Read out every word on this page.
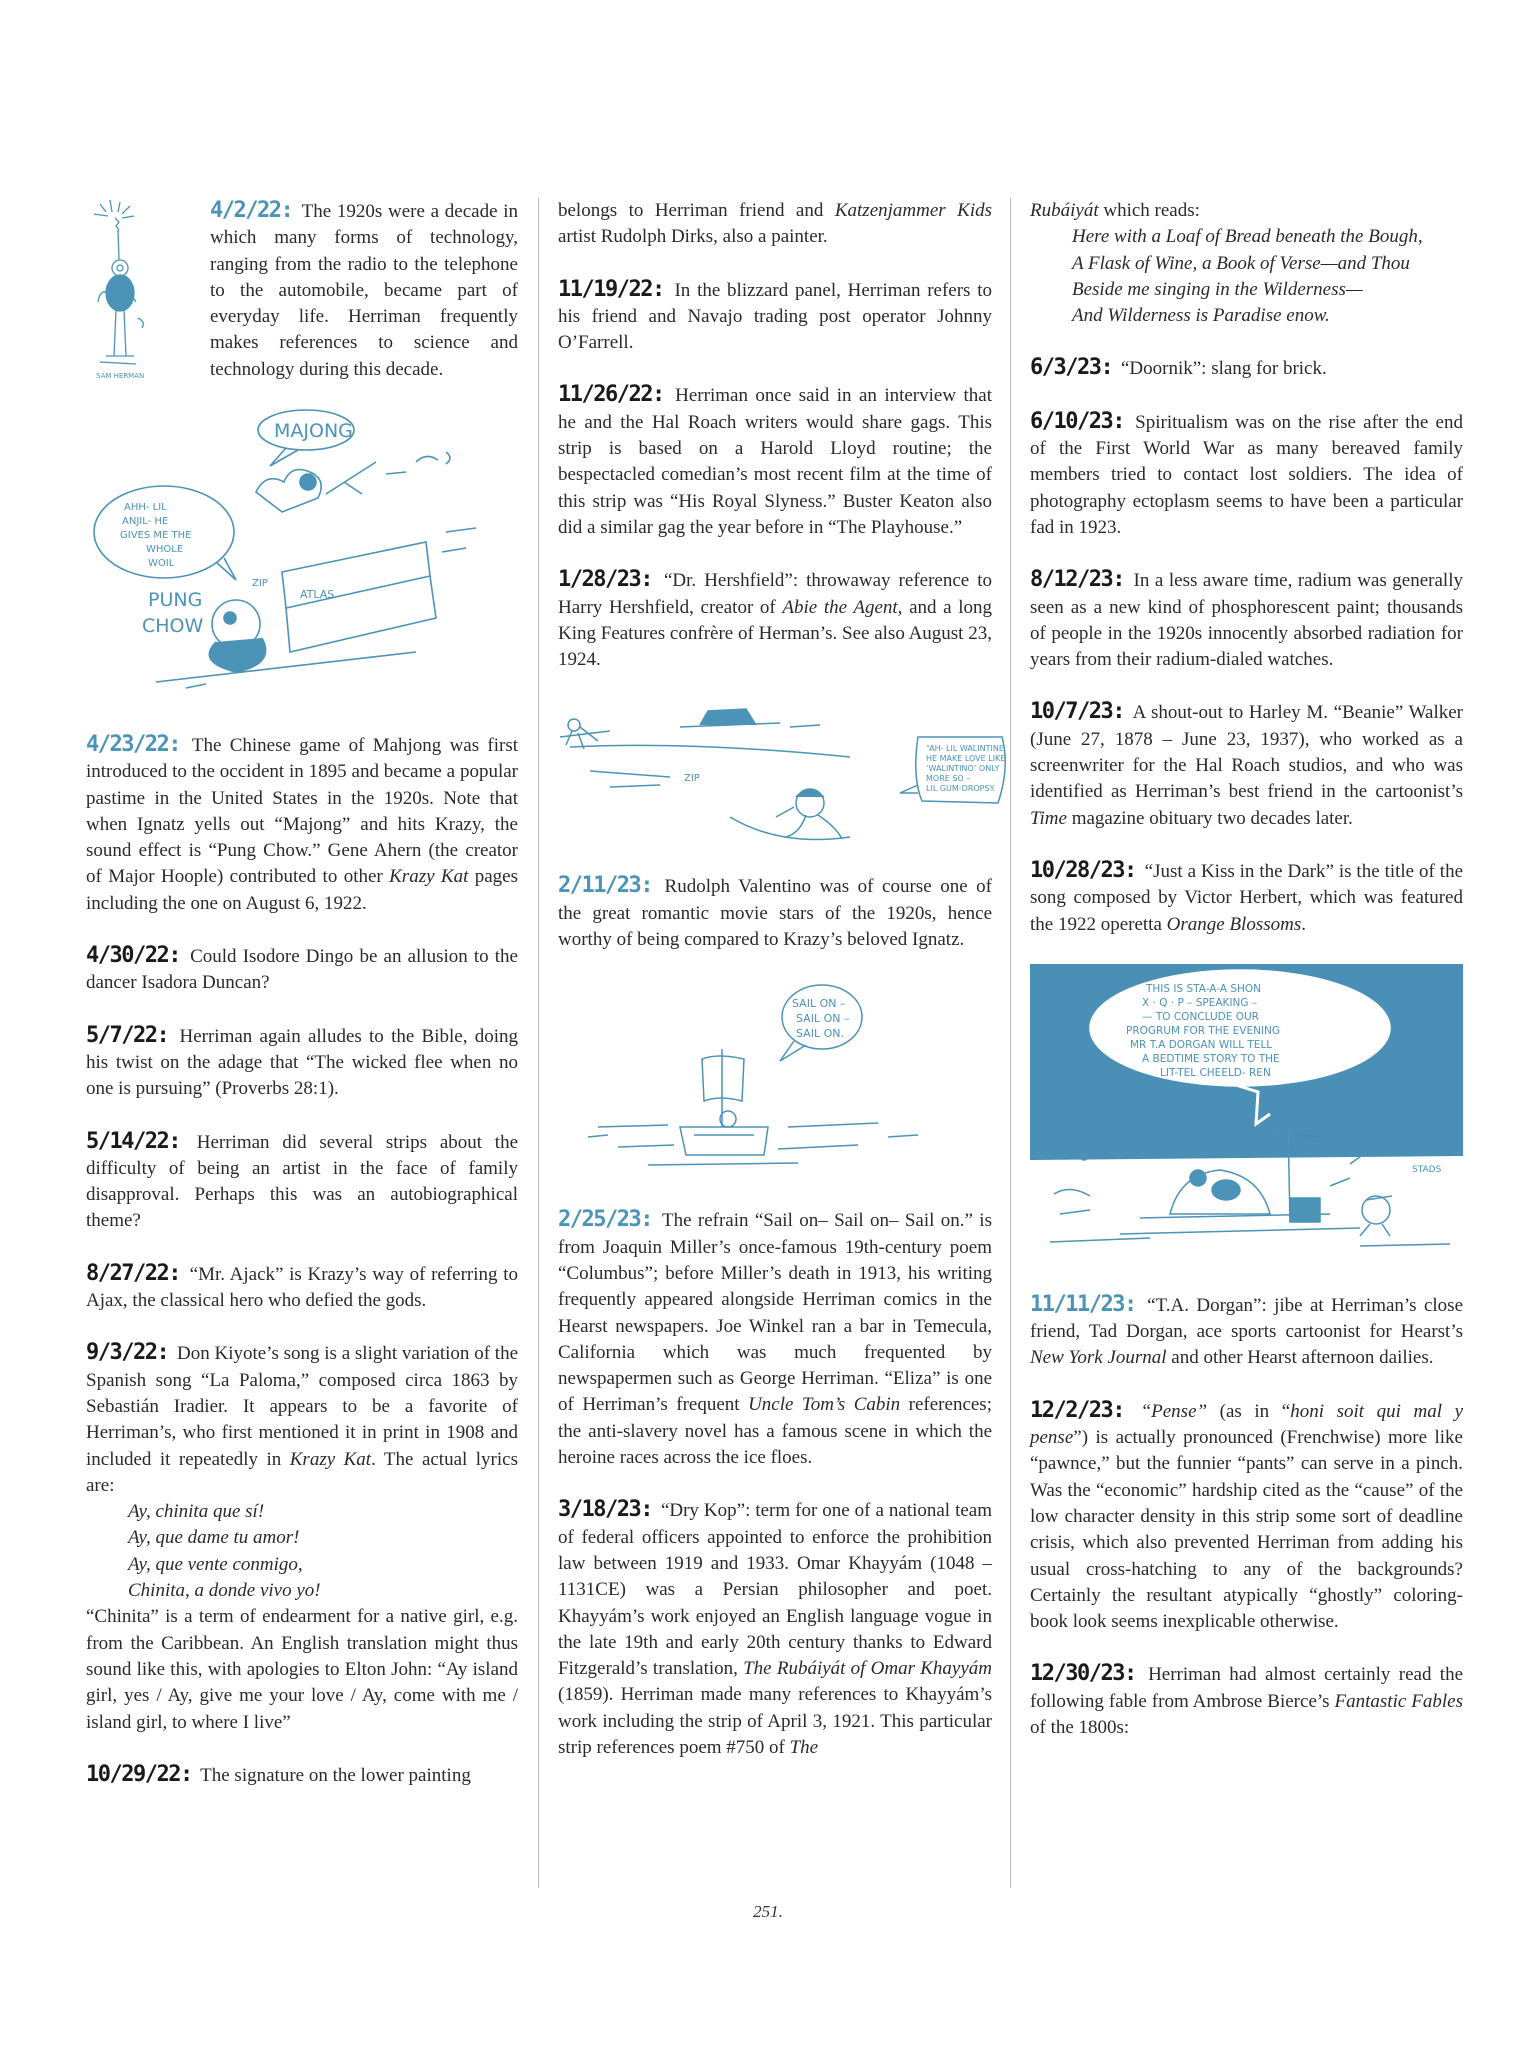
SAM HERMAN

4/2/22: The 1920s were a decade in which many forms of technology, ranging from the radio to the telephone to the automobile, became part of everyday life. Herriman frequently makes references to science and technology during this decade.

MAJONG
AHH- LIL ANJIL- HE GIVES ME THE WHOLE WOIL
PUNG CHOW
ZIP
ATLAS

4/23/22: The Chinese game of Mahjong was first introduced to the occident in 1895 and became a popular pastime in the United States in the 1920s. Note that when Ignatz yells out “Majong” and hits Krazy, the sound effect is “Pung Chow.” Gene Ahern (the creator of Major Hoople) contributed to other Krazy Kat pages including the one on August 6, 1922.

4/30/22: Could Isodore Dingo be an allusion to the dancer Isadora Duncan?

5/7/22: Herriman again alludes to the Bible, doing his twist on the adage that “The wicked flee when no one is pursuing” (Proverbs 28:1).

5/14/22: Herriman did several strips about the difficulty of being an artist in the face of family disapproval. Perhaps this was an autobiographical theme?

8/27/22: “Mr. Ajack” is Krazy’s way of referring to Ajax, the classical hero who defied the gods.

9/3/22: Don Kiyote’s song is a slight variation of the Spanish song “La Paloma,” composed circa 1863 by Sebastián Iradier. It appears to be a favorite of Herriman’s, who first mentioned it in print in 1908 and included it repeatedly in Krazy Kat. The actual lyrics are:
Ay, chinita que sí!
Ay, que dame tu amor!
Ay, que vente conmigo,
Chinita, a donde vivo yo!
“Chinita” is a term of endearment for a native girl, e.g. from the Caribbean. An English translation might thus sound like this, with apologies to Elton John: “Ay island girl, yes / Ay, give me your love / Ay, come with me / island girl, to where I live”

10/29/22: The signature on the lower painting

belongs to Herriman friend and Katzenjammer Kids artist Rudolph Dirks, also a painter.

11/19/22: In the blizzard panel, Herriman refers to his friend and Navajo trading post operator Johnny O’Farrell.

11/26/22: Herriman once said in an interview that he and the Hal Roach writers would share gags. This strip is based on a Harold Lloyd routine; the bespectacled comedian’s most recent film at the time of this strip was “His Royal Slyness.” Buster Keaton also did a similar gag the year before in “The Playhouse.”

1/28/23: “Dr. Hershfield”: throwaway reference to Harry Hershfield, creator of Abie the Agent, and a long King Features confrère of Herman’s. See also August 23, 1924.

ZIP
“AH- LIL WALINTINE HE MAKE LOVE LIKE ‘WALINTINO’ ONLY MORE SO – LIL GUM-DROPSY.

2/11/23: Rudolph Valentino was of course one of the great romantic movie stars of the 1920s, hence worthy of being compared to Krazy’s beloved Ignatz.

SAIL ON – SAIL ON – SAIL ON.

2/25/23: The refrain “Sail on– Sail on– Sail on.” is from Joaquin Miller’s once-famous 19th-century poem “Columbus”; before Miller’s death in 1913, his writing frequently appeared alongside Herriman comics in the Hearst newspapers. Joe Winkel ran a bar in Temecula, California which was much frequented by newspapermen such as George Herriman. “Eliza” is one of Herriman’s frequent Uncle Tom’s Cabin references; the anti-slavery novel has a famous scene in which the heroine races across the ice floes.

3/18/23: “Dry Kop”: term for one of a national team of federal officers appointed to enforce the prohibition law between 1919 and 1933. Omar Khayyám (1048 – 1131CE) was a Persian philosopher and poet. Khayyám’s work enjoyed an English language vogue in the late 19th and early 20th century thanks to Edward Fitzgerald’s translation, The Rubáiyát of Omar Khayyám (1859). Herriman made many references to Khayyám’s work including the strip of April 3, 1921. This particular strip references poem #750 of The

Rubáiyát which reads:
Here with a Loaf of Bread beneath the Bough,
A Flask of Wine, a Book of Verse—and Thou
Beside me singing in the Wilderness—
And Wilderness is Paradise enow.

6/3/23: “Doornik”: slang for brick.

6/10/23: Spiritualism was on the rise after the end of the First World War as many bereaved family members tried to contact lost soldiers. The idea of photography ectoplasm seems to have been a particular fad in 1923.

8/12/23: In a less aware time, radium was generally seen as a new kind of phosphorescent paint; thousands of people in the 1920s innocently absorbed radiation for years from their radium-dialed watches.

10/7/23: A shout-out to Harley M. “Beanie” Walker (June 27, 1878 – June 23, 1937), who worked as a screenwriter for the Hal Roach studios, and who was identified as Herriman’s best friend in the cartoonist’s Time magazine obituary two decades later.

10/28/23: “Just a Kiss in the Dark” is the title of the song composed by Victor Herbert, which was featured the 1922 operetta Orange Blossoms.

THIS IS STA-A-A SHON X · Q · P – SPEAKING – — TO CONCLUDE OUR PROGRUM FOR THE EVENING MR T.A DORGAN WILL TELL A BEDTIME STORY TO THE LIT-TEL CHEELD- REN
STADS

11/11/23: “T.A. Dorgan”: jibe at Herriman’s close friend, Tad Dorgan, ace sports cartoonist for Hearst’s New York Journal and other Hearst afternoon dailies.

12/2/23: “Pense” (as in “honi soit qui mal y pense”) is actually pronounced (Frenchwise) more like “pawnce,” but the funnier “pants” can serve in a pinch. Was the “economic” hardship cited as the “cause” of the low character density in this strip some sort of deadline crisis, which also prevented Herriman from adding his usual cross-hatching to any of the backgrounds? Certainly the resultant atypically “ghostly” coloring-book look seems inexplicable otherwise.

12/30/23: Herriman had almost certainly read the following fable from Ambrose Bierce’s Fantastic Fables of the 1800s:

251.
